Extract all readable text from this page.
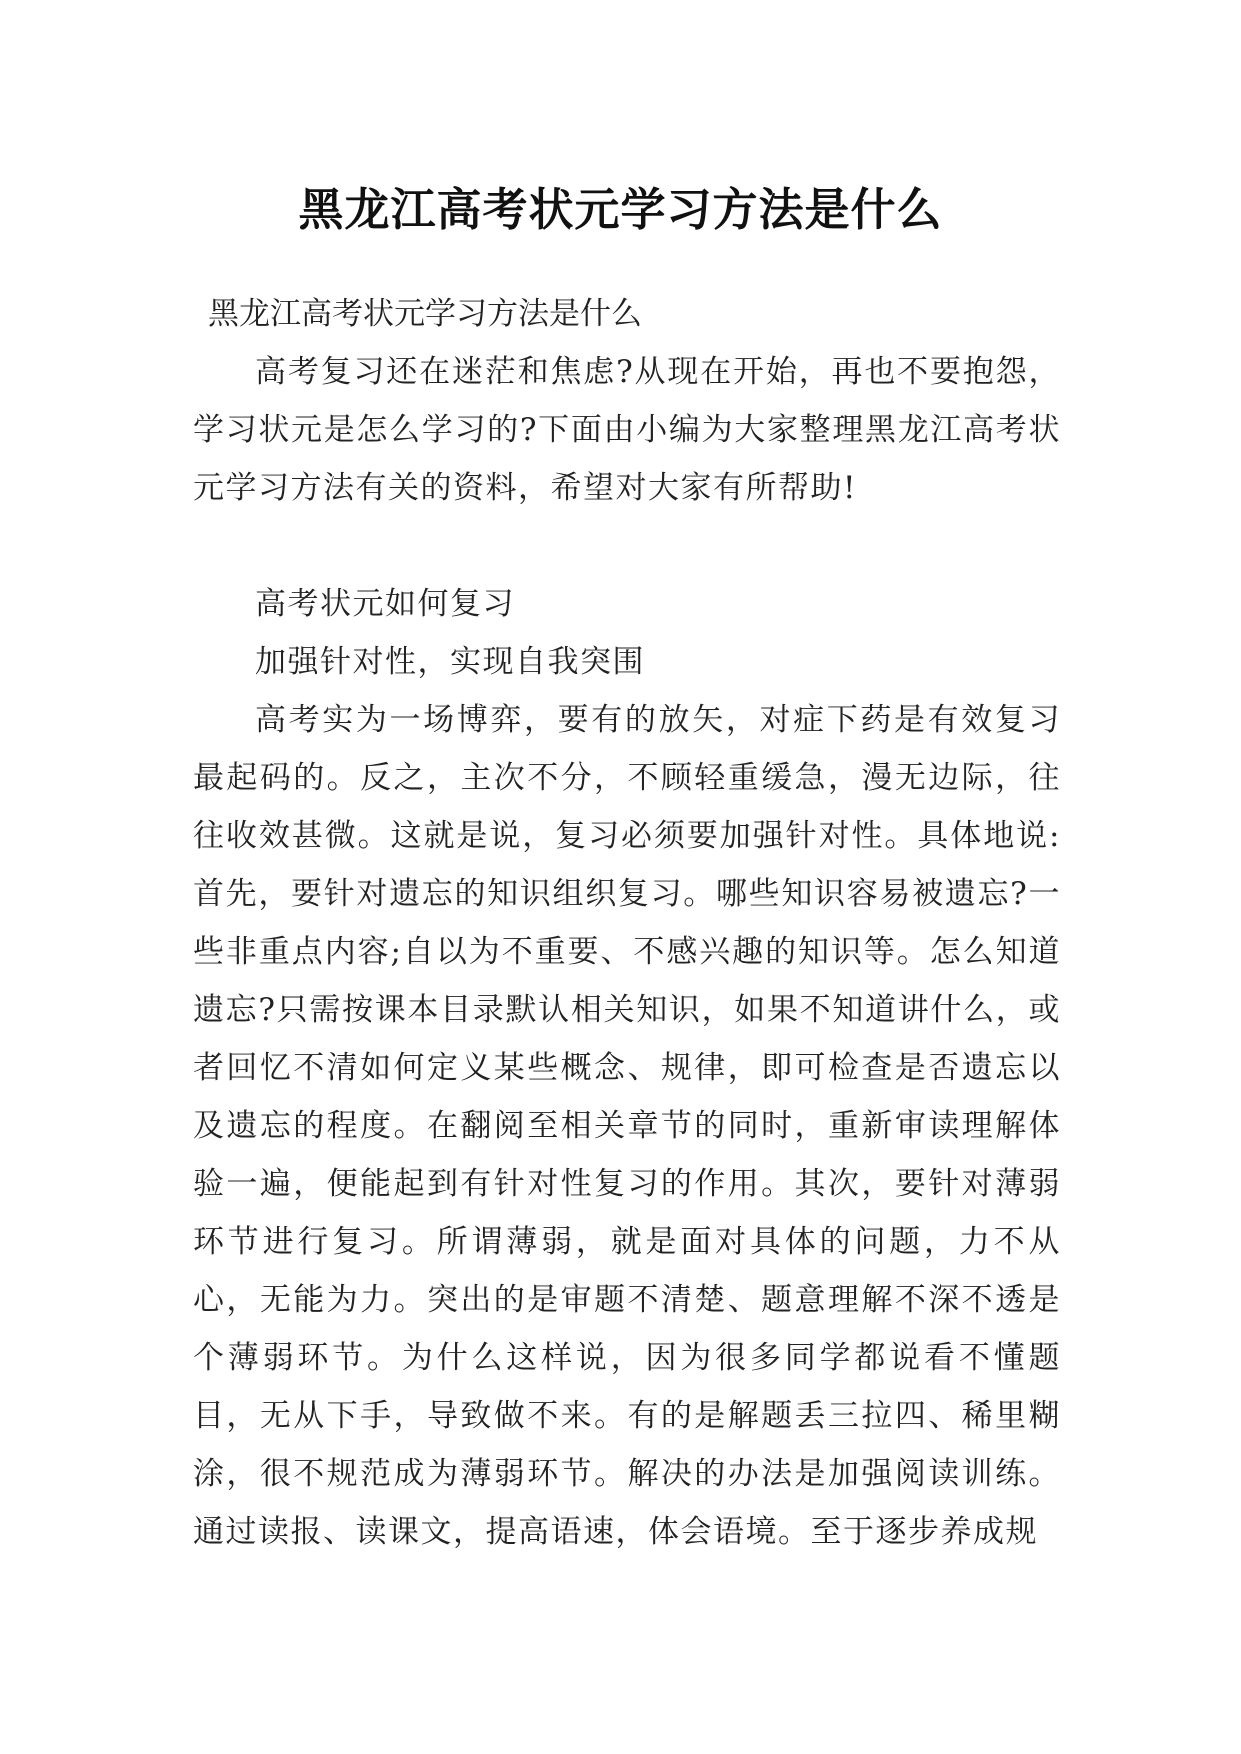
黑龙江高考状元学习方法是什么

黑龙江高考状元学习方法是什么

高考复习还在迷茫和焦虑?从现在开始，再也不要抱怨，学习状元是怎么学习的?下面由小编为大家整理黑龙江高考状元学习方法有关的资料，希望对大家有所帮助!

高考状元如何复习

加强针对性，实现自我突围

高考实为一场博弈，要有的放矢，对症下药是有效复习最起码的。反之，主次不分，不顾轻重缓急，漫无边际，往往收效甚微。这就是说，复习必须要加强针对性。具体地说:首先，要针对遗忘的知识组织复习。哪些知识容易被遗忘?一些非重点内容;自以为不重要、不感兴趣的知识等。怎么知道遗忘?只需按课本目录默认相关知识，如果不知道讲什么，或者回忆不清如何定义某些概念、规律，即可检查是否遗忘以及遗忘的程度。在翻阅至相关章节的同时，重新审读理解体验一遍，便能起到有针对性复习的作用。其次，要针对薄弱环节进行复习。所谓薄弱，就是面对具体的问题，力不从心，无能为力。突出的是审题不清楚、题意理解不深不透是个薄弱环节。为什么这样说，因为很多同学都说看不懂题目，无从下手，导致做不来。有的是解题丢三拉四、稀里糊涂，很不规范成为薄弱环节。解决的办法是加强阅读训练。通过读报、读课文，提高语速，体会语境。至于逐步养成规
